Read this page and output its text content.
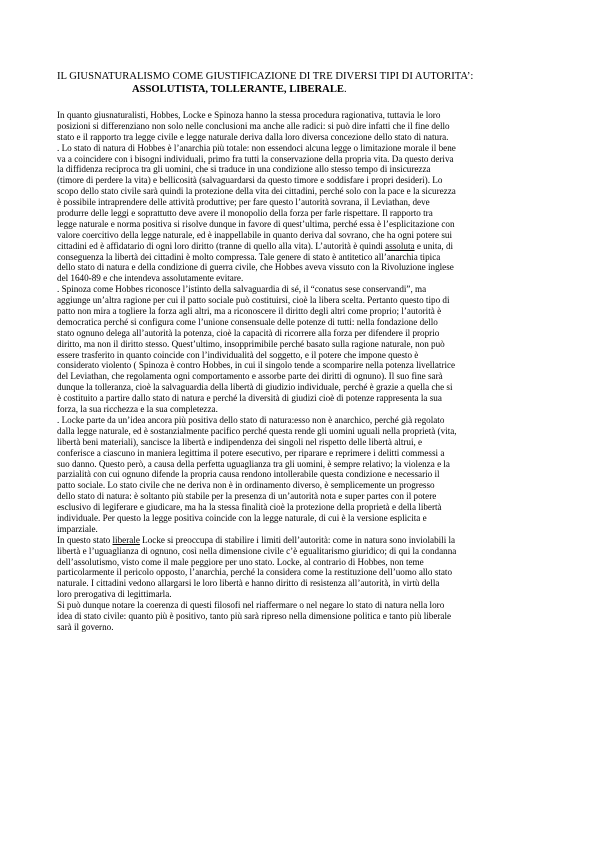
IL GIUSNATURALISMO COME GIUSTIFICAZIONE DI TRE DIVERSI TIPI DI AUTORITA’:
ASSOLUTISTA, TOLLERANTE, LIBERALE.
In quanto giusnaturalisti, Hobbes, Locke e Spinoza hanno la stessa procedura ragionativa, tuttavia le loro
posizioni si differenziano non solo nelle conclusioni ma anche alle radici: si può dire infatti che il fine dello
stato e il rapporto tra legge civile e legge naturale deriva dalla loro diversa concezione dello stato di natura.
. Lo stato di natura di Hobbes è l’anarchia più totale: non essendoci alcuna legge o limitazione morale il bene
va a coincidere con i bisogni individuali, primo fra tutti la conservazione della propria vita. Da questo deriva
la diffidenza reciproca tra gli uomini, che si traduce in una condizione allo stesso tempo di insicurezza
(timore di perdere la vita) e bellicosità (salvaguardarsi da questo timore e soddisfare i propri desideri). Lo
scopo dello stato civile sarà quindi la protezione della vita dei cittadini, perché solo con la pace e la sicurezza
è possibile intraprendere delle attività produttive; per fare questo l’autorità sovrana, il Leviathan, deve
produrre delle leggi e soprattutto deve avere il monopolio della forza per farle rispettare. Il rapporto tra
legge naturale e norma positiva si risolve dunque in favore di quest’ultima, perché essa è l’esplicitazione con
valore coercitivo della legge naturale, ed è inappellabile in quanto deriva dal sovrano, che ha ogni potere sui
cittadini ed è affidatario di ogni loro diritto (tranne di quello alla vita). L’autorità è quindi assoluta e unita, di
conseguenza la libertà dei cittadini è molto compressa. Tale genere di stato è antitetico all’anarchia tipica
dello stato di natura e della condizione di guerra civile, che Hobbes aveva vissuto con la Rivoluzione inglese
del 1640-89 e che intendeva assolutamente evitare.
. Spinoza come Hobbes riconosce l’istinto della salvaguardia di sé, il “conatus sese conservandi”, ma
aggiunge un’altra ragione per cui il patto sociale può costituirsi, cioè la libera scelta. Pertanto questo tipo di
patto non mira a togliere la forza agli altri, ma a riconoscere il diritto degli altri come proprio; l’autorità è
democratica perché si configura come l’unione consensuale delle potenze di tutti: nella fondazione dello
stato ognuno delega all’autorità la potenza, cioè la capacità di ricorrere alla forza per difendere il proprio
diritto, ma non il diritto stesso. Quest’ultimo, insopprimibile perché basato sulla ragione naturale, non può
essere trasferito in quanto coincide con l’individualità del soggetto, e il potere che impone questo è
considerato violento ( Spinoza è contro Hobbes, in cui il singolo tende a scomparire nella potenza livellatrice
del Leviathan, che regolamenta ogni comportamento e assorbe parte dei diritti di ognuno). Il suo fine sarà
dunque la tolleranza, cioè la salvaguardia della libertà di giudizio individuale, perché è grazie a quella che si
è costituito a partire dallo stato di natura e perché la diversità di giudizi cioè di potenze rappresenta la sua
forza, la sua ricchezza e la sua completezza.
. Locke parte da un’idea ancora più positiva dello stato di natura:esso non è anarchico, perché già regolato
dalla legge naturale, ed è sostanzialmente pacifico perché questa rende gli uomini uguali nella proprietà (vita,
libertà beni materiali), sancisce la libertà e indipendenza dei singoli nel rispetto delle libertà altrui, e
conferisce a ciascuno in maniera legittima il potere esecutivo, per riparare e reprimere i delitti commessi a
suo danno. Questo però, a causa della perfetta uguaglianza tra gli uomini, è sempre relativo; la violenza e la
parzialità con cui ognuno difende la propria causa rendono intollerabile questa condizione e necessario il
patto sociale. Lo stato civile che ne deriva non è in ordinamento diverso, è semplicemente un progresso
dello stato di natura: è soltanto più stabile per la presenza di un’autorità nota e super partes con il potere
esclusivo di legiferare e giudicare, ma ha la stessa finalità cioè la protezione della proprietà e della libertà
individuale. Per questo la legge positiva coincide con la legge naturale, di cui è la versione esplicita e
imparziale.
In questo stato liberale Locke si preoccupa di stabilire i limiti dell’autorità: come in natura sono inviolabili la
libertà e l’uguaglianza di ognuno, così nella dimensione civile c’è egualitarismo giuridico; di qui la condanna
dell’assolutismo, visto come il male peggiore per uno stato. Locke, al contrario di Hobbes, non teme
particolarmente il pericolo opposto, l’anarchia, perché la considera come la restituzione dell’uomo allo stato
naturale. I cittadini vedono allargarsi le loro libertà e hanno diritto di resistenza all’autorità, in virtù della
loro prerogativa di legittimarla.
Si può dunque notare la coerenza di questi filosofi nel riaffermare o nel negare lo stato di natura nella loro
idea di stato civile: quanto più è positivo, tanto più sarà ripreso nella dimensione politica e tanto più liberale
sarà il governo.
